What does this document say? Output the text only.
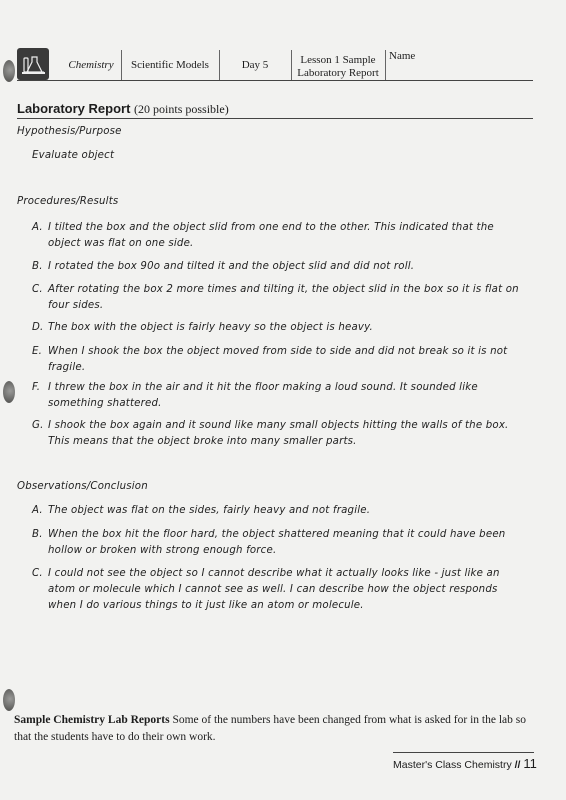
Chemistry	Scientific Models	Day 5	Lesson 1 Sample
Laboratory Report
Name
Laboratory Report (20 points possible)
Hypothesis/Purpose
Evaluate object
Procedures/Results
A. I tilted the box and the object slid from one end to the other. This indicated that the object was flat on one side.
B. I rotated the box 90o and tilted it and the object slid and did not roll.
C. After rotating the box 2 more times and tilting it, the object slid in the box so it is flat on four sides.
D. The box with the object is fairly heavy so the object is heavy.
E. When I shook the box the object moved from side to side and did not break so it is not fragile.
F. I threw the box in the air and it hit the floor making a loud sound. It sounded like something shattered.
G. I shook the box again and it sound like many small objects hitting the walls of the box. This means that the object broke into many smaller parts.
Observations/Conclusion
A. The object was flat on the sides, fairly heavy and not fragile.
B. When the box hit the floor hard, the object shattered meaning that it could have been hollow or broken with strong enough force.
C. I could not see the object so I cannot describe what it actually looks like - just like an atom or molecule which I cannot see as well. I can describe how the object responds when I do various things to it just like an atom or molecule.
Sample Chemistry Lab Reports Some of the numbers have been changed from what is asked for in the lab so that the students have to do their own work.
Master's Class Chemistry // 11
